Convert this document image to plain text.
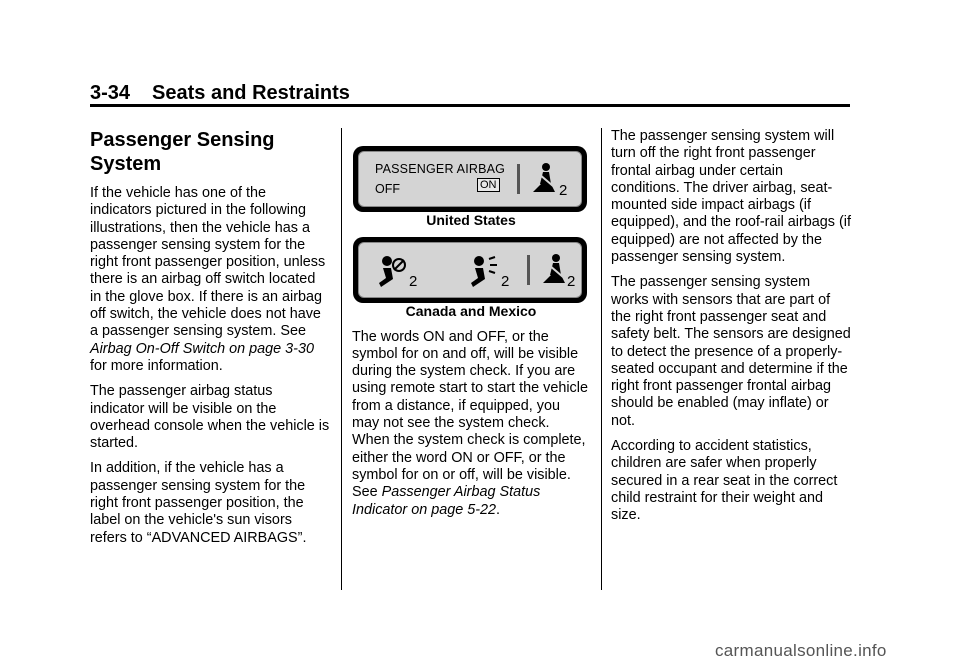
3-34 Seats and Restraints
Passenger Sensing System

If the vehicle has one of the indicators pictured in the following illustrations, then the vehicle has a passenger sensing system for the right front passenger position, unless there is an airbag off switch located in the glove box. If there is an airbag off switch, the vehicle does not have a passenger sensing system. See Airbag On-Off Switch on page 3-30 for more information.

The passenger airbag status indicator will be visible on the overhead console when the vehicle is started.

In addition, if the vehicle has a passenger sensing system for the right front passenger position, the label on the vehicle's sun visors refers to “ADVANCED AIRBAGS”.

PASSENGER AIRBAG
OFF	ON	2

United States

2	2	2

Canada and Mexico

The words ON and OFF, or the symbol for on and off, will be visible during the system check. If you are using remote start to start the vehicle from a distance, if equipped, you may not see the system check. When the system check is complete, either the word ON or OFF, or the symbol for on or off, will be visible. See Passenger Airbag Status Indicator on page 5-22.

The passenger sensing system will turn off the right front passenger frontal airbag under certain conditions. The driver airbag, seat-mounted side impact airbags (if equipped), and the roof-rail airbags (if equipped) are not affected by the passenger sensing system.

The passenger sensing system works with sensors that are part of the right front passenger seat and safety belt. The sensors are designed to detect the presence of a properly-seated occupant and determine if the right front passenger frontal airbag should be enabled (may inflate) or not.

According to accident statistics, children are safer when properly secured in a rear seat in the correct child restraint for their weight and size.

carmanualsonline.info
